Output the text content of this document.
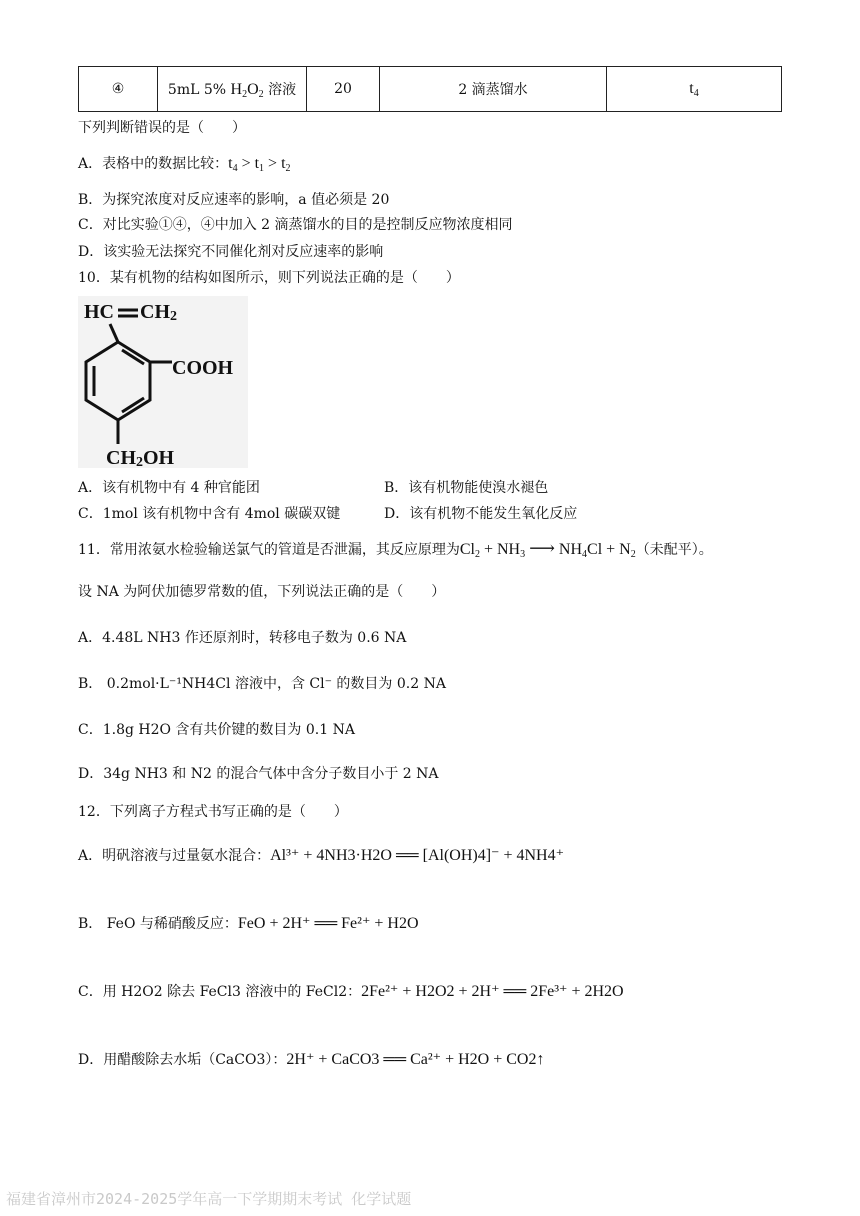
④	5mL 5% $H_2O_2$ 溶液	20	2 滴蒸馏水	$t_4$
下列判断错误的是（　　）
A．表格中的数据比较：$t_4 > t_1 > t_2$
B．为探究浓度对反应速率的影响，a 值必须是 20
C．对比实验①④，④中加入 2 滴蒸馏水的目的是控制反应物浓度相同
D．该实验无法探究不同催化剂对反应速率的影响
10．某有机物的结构如图所示，则下列说法正确的是（　　）
HC CH2
COOH
CH2OH
A．该有机物中有 4 种官能团	B．该有机物能使溴水褪色
C．1mol 该有机物中含有 4mol 碳碳双键	D．该有机物不能发生氧化反应
11．常用浓氨水检验输送氯气的管道是否泄漏，其反应原理为$Cl_2 + NH_3$ ⟶ $NH_4Cl + N_2$（未配平）。
设 NA 为阿伏加德罗常数的值，下列说法正确的是（　　）
A．4.48L NH3 作还原剂时，转移电子数为 0.6 NA
B． 0.2mol·L⁻¹NH4Cl 溶液中，含 Cl⁻ 的数目为 0.2 NA
C．1.8g H2O 含有共价键的数目为 0.1 NA
D．34g NH3 和 N2 的混合气体中含分子数目小于 2 NA
12．下列离子方程式书写正确的是（　　）
A．明矾溶液与过量氨水混合：Al³⁺ + 4NH3·H2O ══ [Al(OH)4]⁻ + 4NH4⁺
B． FeO 与稀硝酸反应：FeO + 2H⁺ ══ Fe²⁺ + H2O
C．用 H2O2 除去 FeCl3 溶液中的 FeCl2：2Fe²⁺ + H2O2 + 2H⁺ ══ 2Fe³⁺ + 2H2O
D．用醋酸除去水垢（CaCO3）：2H⁺ + CaCO3 ══ Ca²⁺ + H2O + CO2↑
福建省漳州市2024-2025学年高一下学期期末考试 化学试题
